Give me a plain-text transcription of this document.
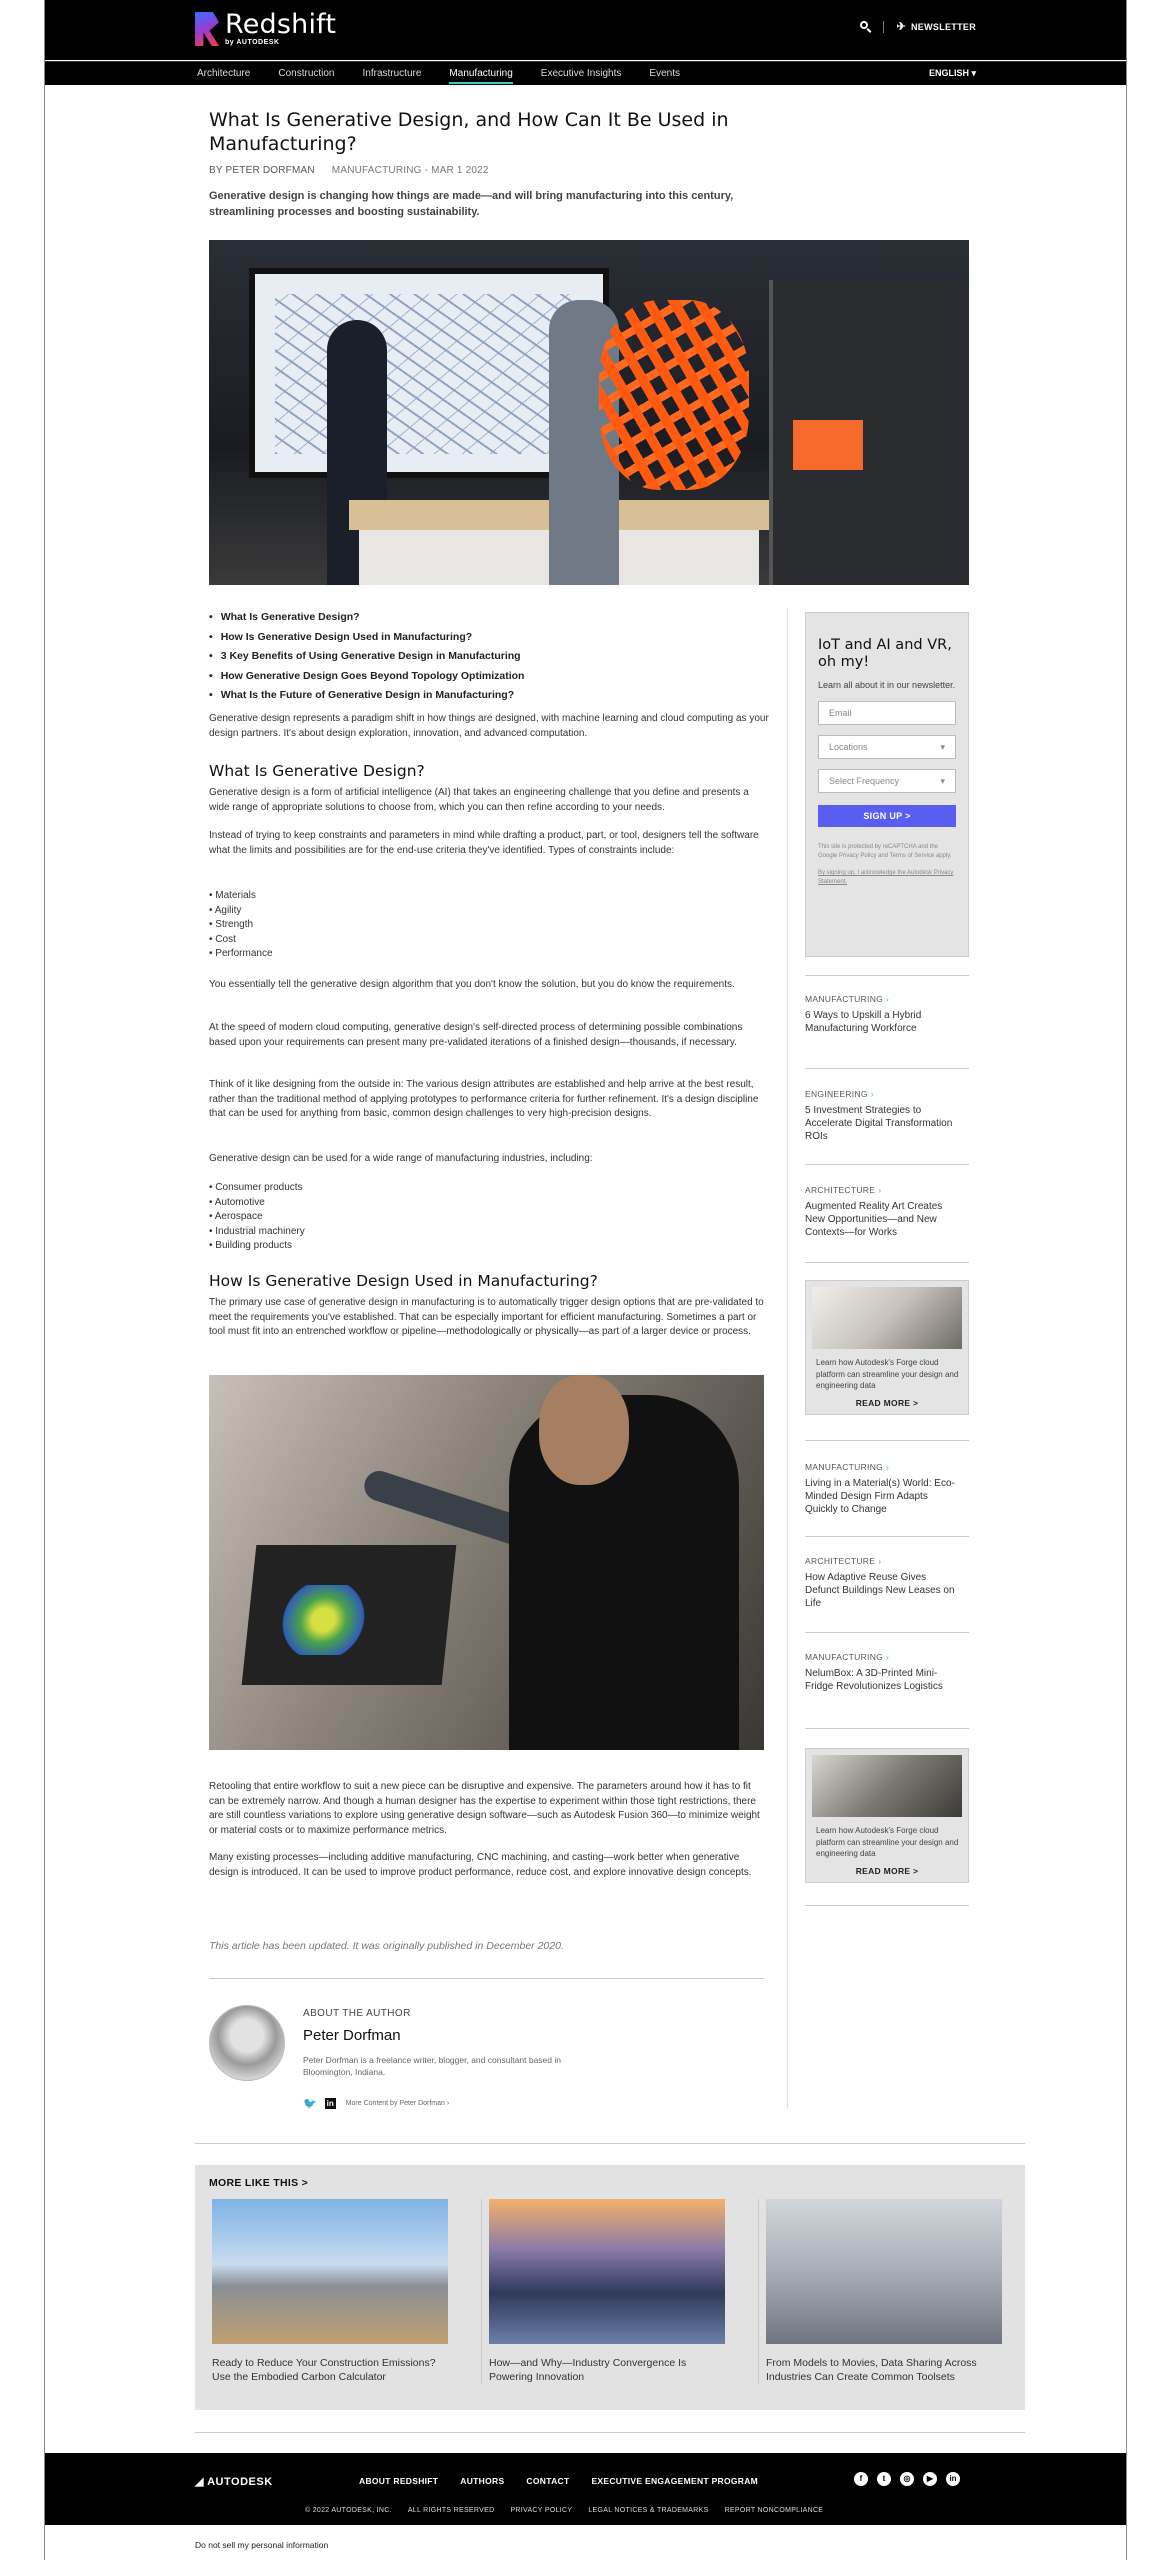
Redshift
by AUTODESK
✈ NEWSLETTER
Architecture	Construction	Infrastructure	Manufacturing	Executive Insights	Events	ENGLISH ▾
What Is Generative Design, and How Can It Be Used in Manufacturing?
BY PETER DORFMAN MANUFACTURING - MAR 1 2022

Generative design is changing how things are made—and will bring manufacturing into this century, streamlining processes and boosting sustainability.

• What Is Generative Design?
• How Is Generative Design Used in Manufacturing?
• 3 Key Benefits of Using Generative Design in Manufacturing
• How Generative Design Goes Beyond Topology Optimization
• What Is the Future of Generative Design in Manufacturing?

Generative design represents a paradigm shift in how things are designed, with machine learning and cloud computing as your design partners. It's about design exploration, innovation, and advanced computation.

What Is Generative Design?

Generative design is a form of artificial intelligence (AI) that takes an engineering challenge that you define and presents a wide range of appropriate solutions to choose from, which you can then refine according to your needs.

Instead of trying to keep constraints and parameters in mind while drafting a product, part, or tool, designers tell the software what the limits and possibilities are for the end-use criteria they've identified. Types of constraints include:

• Materials
• Agility
• Strength
• Cost
• Performance

You essentially tell the generative design algorithm that you don't know the solution, but you do know the requirements.

At the speed of modern cloud computing, generative design's self-directed process of determining possible combinations based upon your requirements can present many pre-validated iterations of a finished design—thousands, if necessary.

Think of it like designing from the outside in: The various design attributes are established and help arrive at the best result, rather than the traditional method of applying prototypes to performance criteria for further refinement. It's a design discipline that can be used for anything from basic, common design challenges to very high-precision designs.

Generative design can be used for a wide range of manufacturing industries, including:

• Consumer products
• Automotive
• Aerospace
• Industrial machinery
• Building products
How Is Generative Design Used in Manufacturing?

The primary use case of generative design in manufacturing is to automatically trigger design options that are pre-validated to meet the requirements you've established. That can be especially important for efficient manufacturing. Sometimes a part or tool must fit into an entrenched workflow or pipeline—methodologically or physically—as part of a larger device or process.

Retooling that entire workflow to suit a new piece can be disruptive and expensive. The parameters around how it has to fit can be extremely narrow. And though a human designer has the expertise to experiment within those tight restrictions, there are still countless variations to explore using generative design software—such as Autodesk Fusion 360—to minimize weight or material costs or to maximize performance metrics.

Many existing processes—including additive manufacturing, CNC machining, and casting—work better when generative design is introduced. It can be used to improve product performance, reduce cost, and explore innovative design concepts.

This article has been updated. It was originally published in December 2020.

ABOUT THE AUTHOR
Peter Dorfman
Peter Dorfman is a freelance writer, blogger, and consultant based in Bloomington, Indiana.
🐦 in More Content by Peter Dorfman ›
IoT and AI and VR, oh my!
Learn all about it in our newsletter.
Email
Locations	▾
Select Frequency	▾
SIGN UP >
This site is protected by reCAPTCHA and the Google Privacy Policy and Terms of Service apply.
By signing up, I acknowledge the Autodesk Privacy Statement.
MANUFACTURING ›
6 Ways to Upskill a Hybrid Manufacturing Workforce
ENGINEERING ›
5 Investment Strategies to Accelerate Digital Transformation ROIs
ARCHITECTURE ›
Augmented Reality Art Creates New Opportunities—and New Contexts—for Works

Learn how Autodesk's Forge cloud platform can streamline your design and engineering data

READ MORE >
MANUFACTURING ›
Living in a Material(s) World: Eco-Minded Design Firm Adapts Quickly to Change
ARCHITECTURE ›
How Adaptive Reuse Gives Defunct Buildings New Leases on Life
MANUFACTURING ›
NelumBox: A 3D-Printed Mini-Fridge Revolutionizes Logistics

Learn how Autodesk's Forge cloud platform can streamline your design and engineering data

READ MORE >
MORE LIKE THIS >
Ready to Reduce Your Construction Emissions? Use the Embodied Carbon Calculator
How—and Why—Industry Convergence Is Powering Innovation
From Models to Movies, Data Sharing Across Industries Can Create Common Toolsets
◢ AUTODESK	ABOUT REDSHIFT	AUTHORS	CONTACT	EXECUTIVE ENGAGEMENT PROGRAM	f	t	◎	▶	in
© 2022 AUTODESK, INC. ALL RIGHTS RESERVED PRIVACY POLICY LEGAL NOTICES & TRADEMARKS REPORT NONCOMPLIANCE
Do not sell my personal information
